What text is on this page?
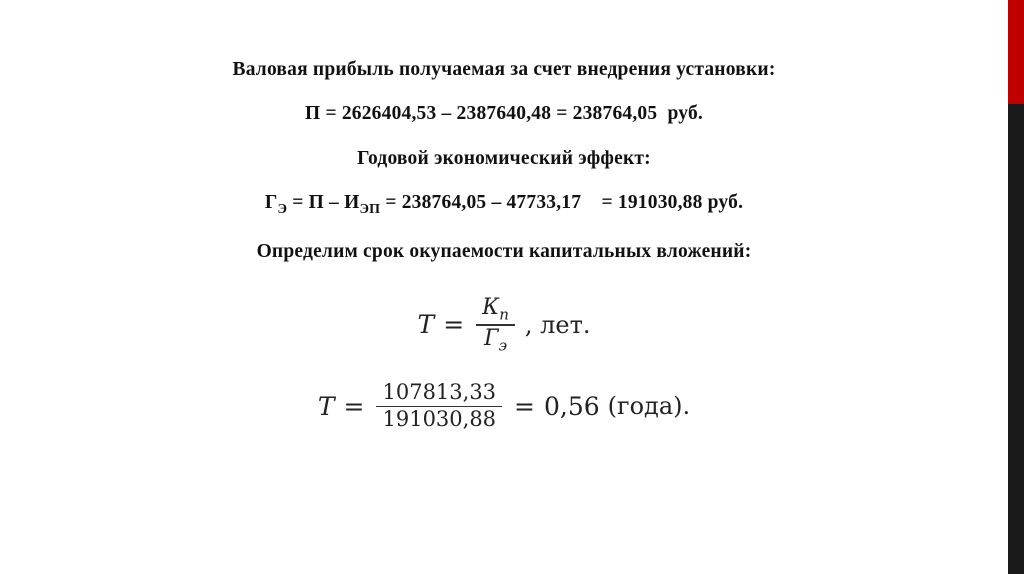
Валовая прибыль получаемая за счет внедрения установки:
П = 2626404,53 – 2387640,48 = 238764,05  руб.
Годовой экономический эффект:
$Г_Э = П - И_{ЭП} = 238764,05 - 47733,17$    = 191030,88 руб.
Определим срок окупаемости капитальных вложений:
$T = \frac{К_п}{Г_э}$ , лет.
$T = \frac{107813,33}{191030,88} = 0,56$ (года).
